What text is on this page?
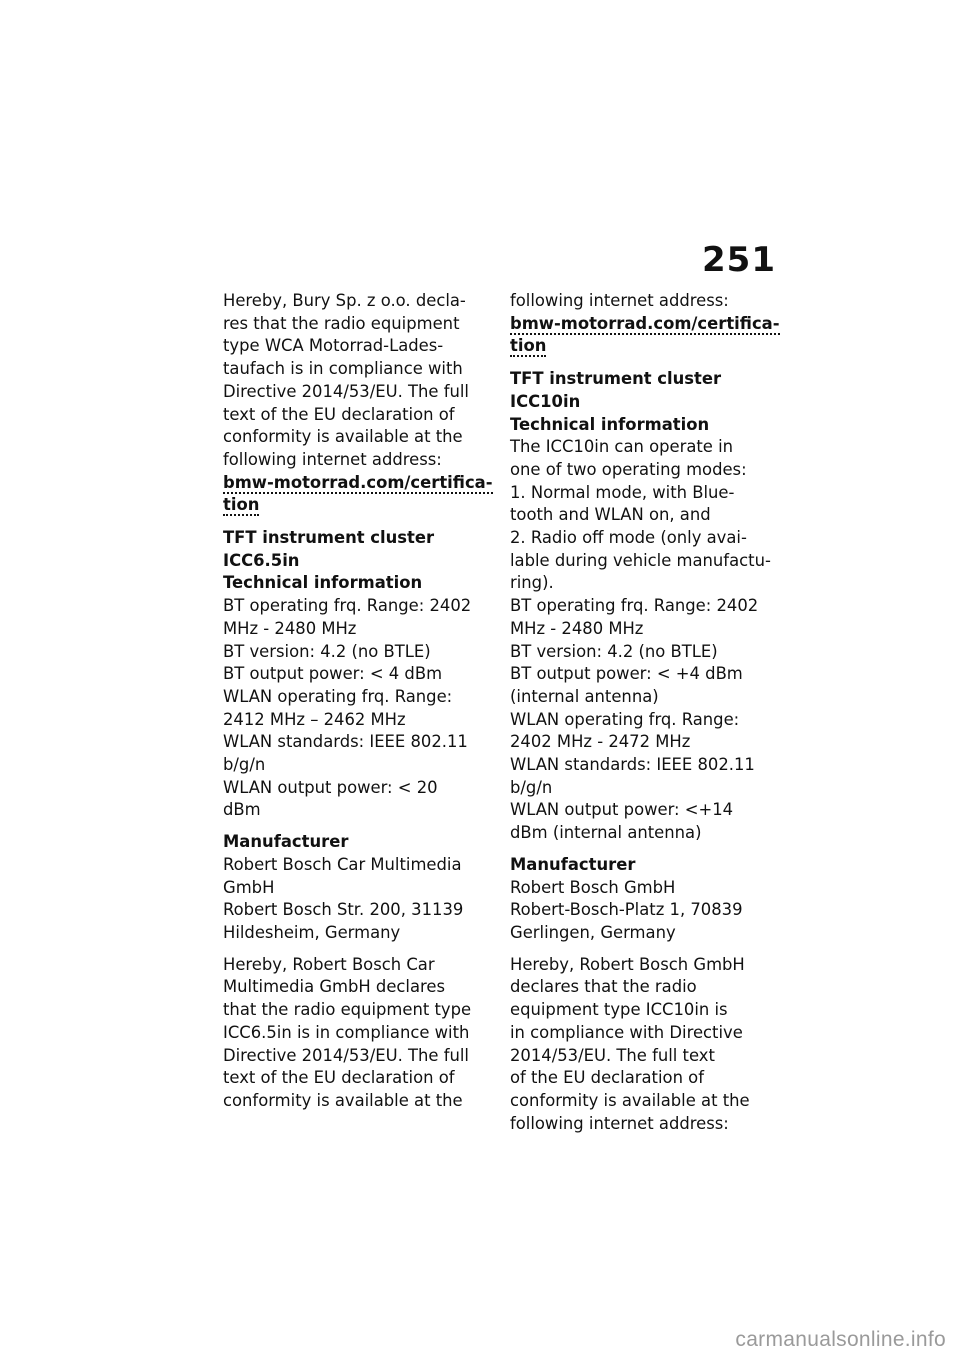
251
Hereby, Bury Sp. z o.o. decla-
res that the radio equipment
type WCA Motorrad-Lades-
taufach is in compliance with
Directive 2014/53/EU. The full
text of the EU declaration of
conformity is available at the
following internet address:
bmw-motorrad.com/certifica-
tion
TFT instrument cluster
ICC6.5in
Technical information
BT operating frq. Range: 2402
MHz - 2480 MHz
BT version: 4.2 (no BTLE)
BT output power: < 4 dBm
WLAN operating frq. Range:
2412 MHz – 2462 MHz
WLAN standards: IEEE 802.11
b/g/n
WLAN output power: < 20
dBm
Manufacturer
Robert Bosch Car Multimedia
GmbH
Robert Bosch Str. 200, 31139
Hildesheim, Germany
Hereby, Robert Bosch Car
Multimedia GmbH declares
that the radio equipment type
ICC6.5in is in compliance with
Directive 2014/53/EU. The full
text of the EU declaration of
conformity is available at the
following internet address:
bmw-motorrad.com/certifica-
tion
TFT instrument cluster
ICC10in
Technical information
The ICC10in can operate in
one of two operating modes:
1. Normal mode, with Blue-
tooth and WLAN on, and
2. Radio off mode (only avai-
lable during vehicle manufactu-
ring).
BT operating frq. Range: 2402
MHz - 2480 MHz
BT version: 4.2 (no BTLE)
BT output power: < +4 dBm
(internal antenna)
WLAN operating frq. Range:
2402 MHz - 2472 MHz
WLAN standards: IEEE 802.11
b/g/n
WLAN output power: <+14
dBm (internal antenna)
Manufacturer
Robert Bosch GmbH
Robert-Bosch-Platz 1, 70839
Gerlingen, Germany
Hereby, Robert Bosch GmbH
declares that the radio
equipment type ICC10in is
in compliance with Directive
2014/53/EU. The full text
of the EU declaration of
conformity is available at the
following internet address:
carmanualsonline.info
